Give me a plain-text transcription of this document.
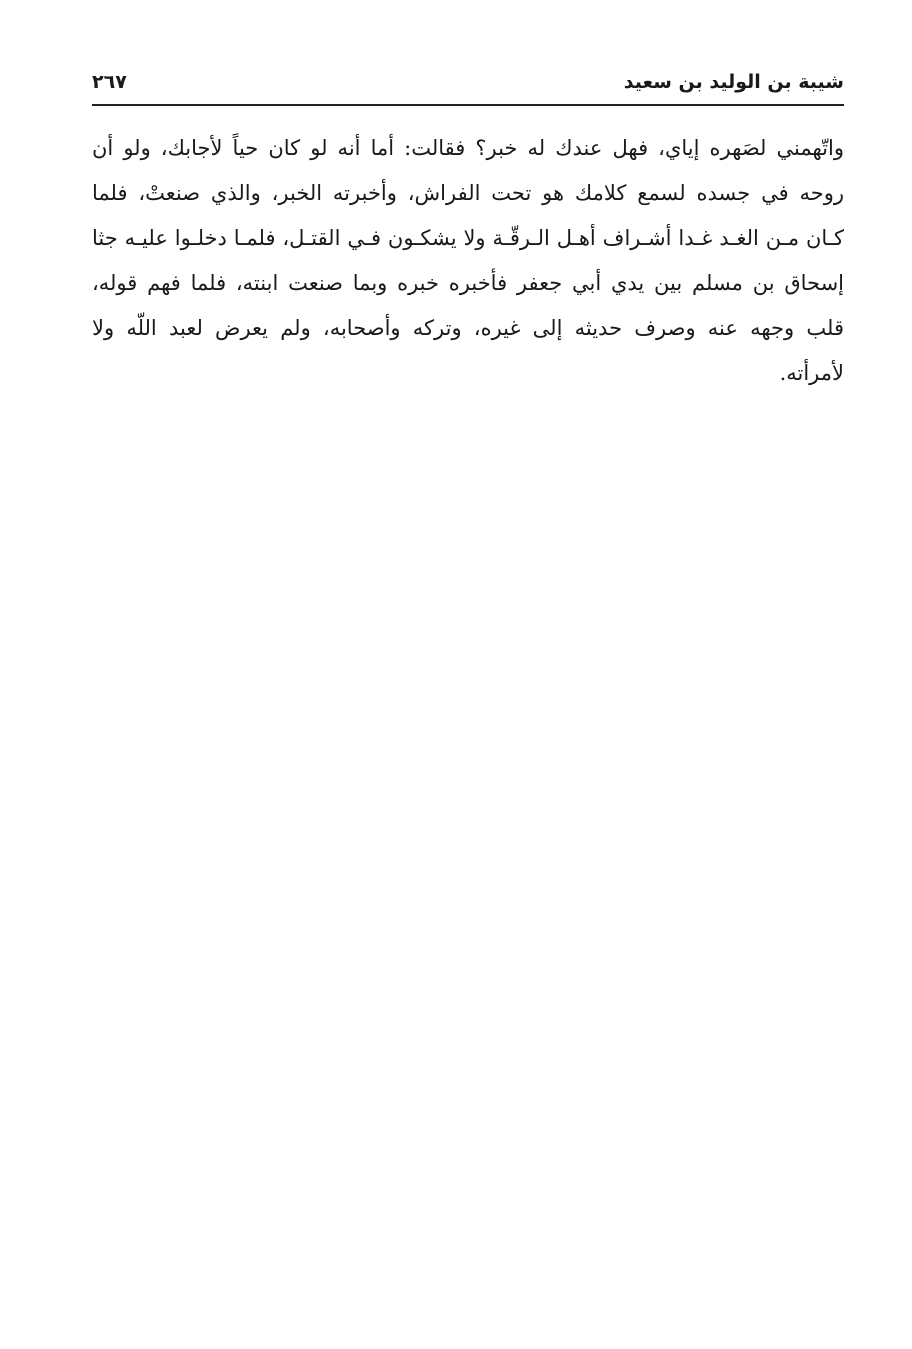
شيبة بن الوليد بن سعيد
٢٦٧
واتّهمني لصَهره إياي، فهل عندك له خبر؟ فقالت: أما أنه لو كان حياً لأجابك، ولو أن
روحه في جسده لسمع كلامك هو تحت الفراش، وأخبرته الخبر، والذي صنعتْ، فلما
كـان مـن الغـد غـدا أشـراف أهـل الـرقّـة ولا يشكـون فـي القتـل، فلمـا دخلـوا عليـه جثا
إسحاق بن مسلم بين يدي أبي جعفر فأخبره خبره وبما صنعت ابنته، فلما فهم قوله،
قلب وجهه عنه وصرف حديثه إلى غيره، وتركه وأصحابه، ولم يعرض لعبد اللّه ولا
لأمرأته.
